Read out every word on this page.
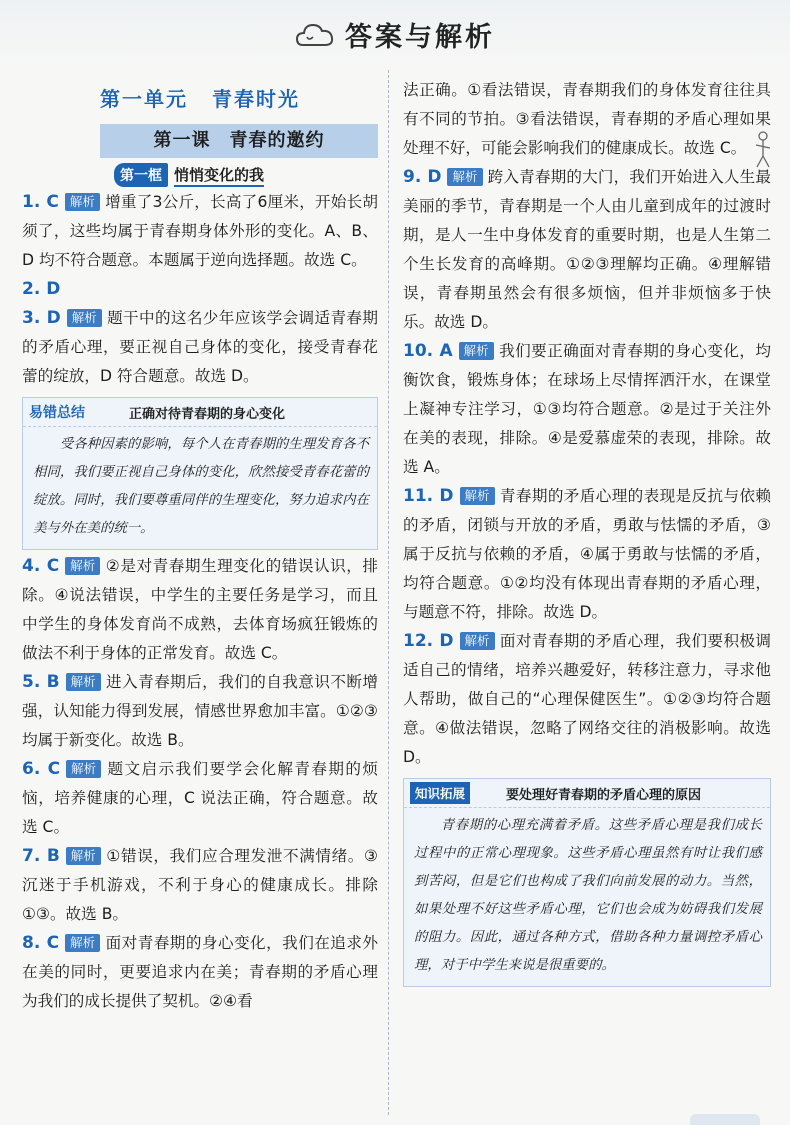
答案与解析
第一单元 青春时光
第一课　青春的邀约
第一框 悄悄变化的我
1. C 解析 增重了3公斤，长高了6厘米，开始长胡须了，这些均属于青春期身体外形的变化。A、B、D 均不符合题意。本题属于逆向选择题。故选 C。
2. D
3. D 解析 题干中的这名少年应该学会调适青春期的矛盾心理，要正视自己身体的变化，接受青春花蕾的绽放，D 符合题意。故选 D。
易错总结	正确对待青春期的身心变化
受各种因素的影响，每个人在青春期的生理发育各不相同，我们要正视自己身体的变化，欣然接受青春花蕾的绽放。同时，我们要尊重同伴的生理变化，努力追求内在美与外在美的统一。
4. C 解析 ②是对青春期生理变化的错误认识，排除。④说法错误，中学生的主要任务是学习，而且中学生的身体发育尚不成熟，去体育场疯狂锻炼的做法不利于身体的正常发育。故选 C。
5. B 解析 进入青春期后，我们的自我意识不断增强，认知能力得到发展，情感世界愈加丰富。①②③均属于新变化。故选 B。
6. C 解析 题文启示我们要学会化解青春期的烦恼，培养健康的心理，C 说法正确，符合题意。故选 C。
7. B 解析 ①错误，我们应合理发泄不满情绪。③沉迷于手机游戏，不利于身心的健康成长。排除①③。故选 B。
8. C 解析 面对青春期的身心变化，我们在追求外在美的同时，更要追求内在美；青春期的矛盾心理为我们的成长提供了契机。②④看
法正确。①看法错误，青春期我们的身体发育往往具有不同的节拍。③看法错误，青春期的矛盾心理如果处理不好，可能会影响我们的健康成长。故选 C。
9. D 解析 跨入青春期的大门，我们开始进入人生最美丽的季节，青春期是一个人由儿童到成年的过渡时期，是人一生中身体发育的重要时期，也是人生第二个生长发育的高峰期。①②③理解均正确。④理解错误，青春期虽然会有很多烦恼，但并非烦恼多于快乐。故选 D。
10. A 解析 我们要正确面对青春期的身心变化，均衡饮食，锻炼身体；在球场上尽情挥洒汗水，在课堂上凝神专注学习，①③均符合题意。②是过于关注外在美的表现，排除。④是爱慕虚荣的表现，排除。故选 A。
11. D 解析 青春期的矛盾心理的表现是反抗与依赖的矛盾，闭锁与开放的矛盾，勇敢与怯懦的矛盾，③属于反抗与依赖的矛盾，④属于勇敢与怯懦的矛盾，均符合题意。①②均没有体现出青春期的矛盾心理，与题意不符，排除。故选 D。
12. D 解析 面对青春期的矛盾心理，我们要积极调适自己的情绪，培养兴趣爱好，转移注意力，寻求他人帮助，做自己的“心理保健医生”。①②③均符合题意。④做法错误，忽略了网络交往的消极影响。故选 D。
知识拓展	要处理好青春期的矛盾心理的原因
青春期的心理充满着矛盾。这些矛盾心理是我们成长过程中的正常心理现象。这些矛盾心理虽然有时让我们感到苦闷，但是它们也构成了我们向前发展的动力。当然，如果处理不好这些矛盾心理，它们也会成为妨碍我们发展的阻力。因此，通过各种方式，借助各种力量调控矛盾心理，对于中学生来说是很重要的。
